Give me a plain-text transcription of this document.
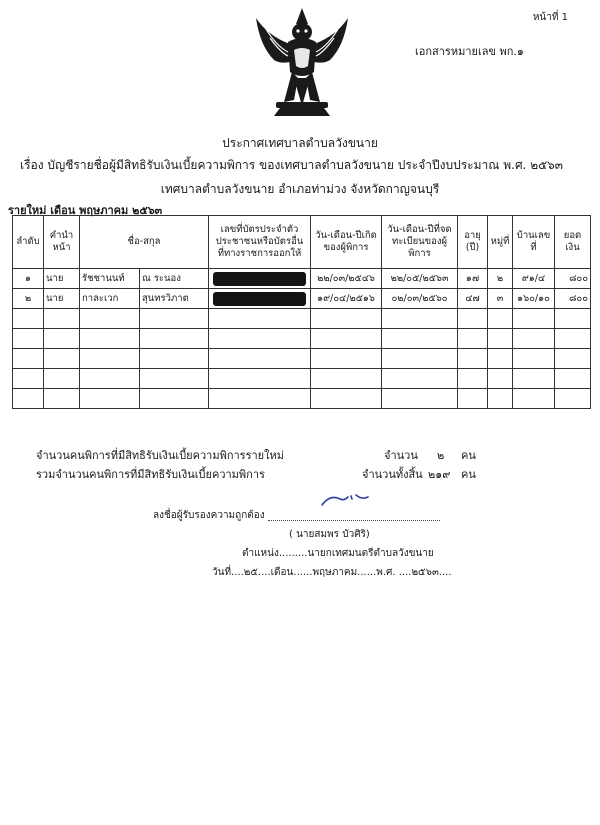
หน้าที่ 1
เอกสารหมายเลข พก.๑
ประกาศเทศบาลตำบลวังขนาย
เรื่อง บัญชีรายชื่อผู้มีสิทธิรับเงินเบี้ยความพิการ ของเทศบาลตำบลวังขนาย ประจำปีงบประมาณ พ.ศ. ๒๕๖๓
เทศบาลตำบลวังขนาย อำเภอท่าม่วง จังหวัดกาญจนบุรี
รายใหม่ เดือน พฤษภาคม ๒๕๖๓
ลำดับ	คำนำหน้า	ชื่อ-สกุล		เลขที่บัตรประจำตัวประชาชนหรือบัตรอื่นที่ทางราชการออกให้	วัน-เดือน-ปีเกิดของผู้พิการ	วัน-เดือน-ปีที่จดทะเบียนของผู้พิการ	อายุ (ปี)	หมู่ที่	บ้านเลขที่	ยอดเงิน
๑	นาย	รัชชานนท์	ณ ระนอง		๒๒/๐๓/๒๕๔๖	๒๒/๐๕/๒๕๖๓	๑๗	๒	๙๑/๔	๘๐๐
๒	นาย	กาละเวก	สุนทรวิภาต		๑๙/๐๔/๒๕๑๖	๐๒/๐๓/๒๕๖๐	๔๗	๓	๑๖๐/๑๐	๘๐๐

จำนวนคนพิการที่มีสิทธิรับเงินเบี้ยความพิการรายใหม่	จำนวน ๒ คน
รวมจำนวนคนพิการที่มีสิทธิรับเงินเบี้ยความพิการ	จำนวนทั้งสิ้น ๒๑๙ คน
ลงชื่อผู้รับรองความถูกต้อง
( นายสมพร บัวศิริ)
ตำแหน่ง.........นายกเทศมนตรีตำบลวังขนาย
วันที่....๒๕....เดือน......พฤษภาคม......พ.ศ. ....๒๕๖๓....
